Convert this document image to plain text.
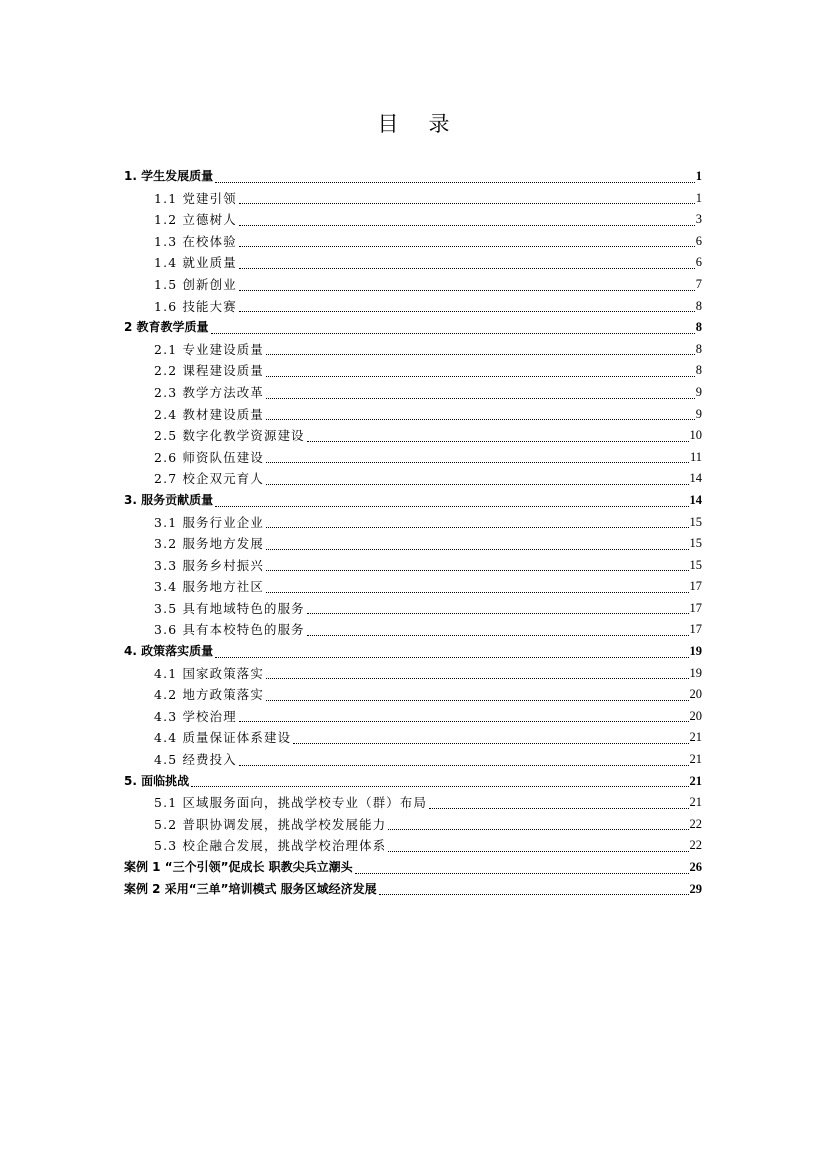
目 录
1. 学生发展质量	1
1.1 党建引领	1
1.2 立德树人	3
1.3 在校体验	6
1.4 就业质量	6
1.5 创新创业	7
1.6 技能大赛	8
2 教育教学质量	8
2.1 专业建设质量	8
2.2 课程建设质量	8
2.3 教学方法改革	9
2.4 教材建设质量	9
2.5 数字化教学资源建设	10
2.6 师资队伍建设	11
2.7 校企双元育人	14
3. 服务贡献质量	14
3.1 服务行业企业	15
3.2 服务地方发展	15
3.3 服务乡村振兴	15
3.4 服务地方社区	17
3.5 具有地域特色的服务	17
3.6 具有本校特色的服务	17
4. 政策落实质量	19
4.1 国家政策落实	19
4.2 地方政策落实	20
4.3 学校治理	20
4.4 质量保证体系建设	21
4.5 经费投入	21
5. 面临挑战	21
5.1 区域服务面向，挑战学校专业（群）布局	21
5.2 普职协调发展，挑战学校发展能力	22
5.3 校企融合发展，挑战学校治理体系	22
案例 1 “三个引领”促成长 职教尖兵立潮头	26
案例 2 采用“三单”培训模式 服务区域经济发展	29
